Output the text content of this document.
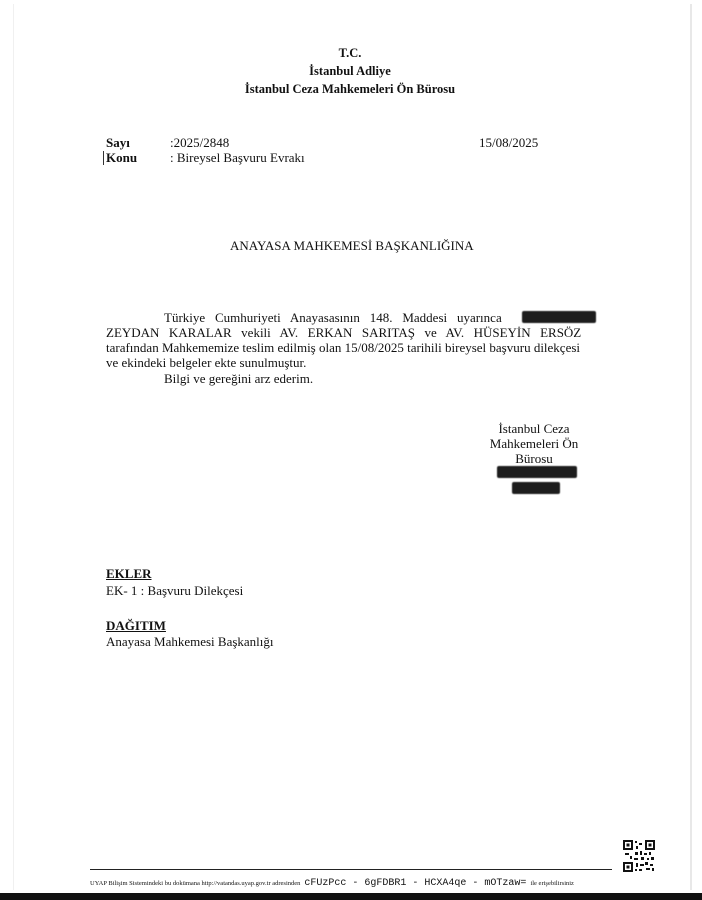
T.C.
İstanbul Adliye
İstanbul Ceza Mahkemeleri Ön Bürosu
Sayı	:2025/2848	15/08/2025
Konu	: Bireysel Başvuru Evrakı
ANAYASA MAHKEMESİ BAŞKANLIĞINA
Türkiye Cumhuriyeti Anayasasının 148. Maddesi uyarınca
ZEYDAN KARALAR vekili AV. ERKAN SARITAŞ ve AV. HÜSEYİN ERSÖZ
tarafından Mahkememize teslim edilmiş olan 15/08/2025 tarihili bireysel başvuru dilekçesi
ve ekindeki belgeler ekte sunulmuştur.
Bilgi ve gereğini arz ederim.
İstanbul Ceza
Mahkemeleri Ön
Bürosu
EKLER
EK- 1 : Başvuru Dilekçesi
DAĞITIM
Anayasa Mahkemesi Başkanlığı
UYAP Bilişim Sistemindeki bu dokümana http://vatandas.uyap.gov.tr adresinden cFUzPcc - 6gFDBR1 - HCXA4qe - mOTzaw= ile erişebilirsiniz
